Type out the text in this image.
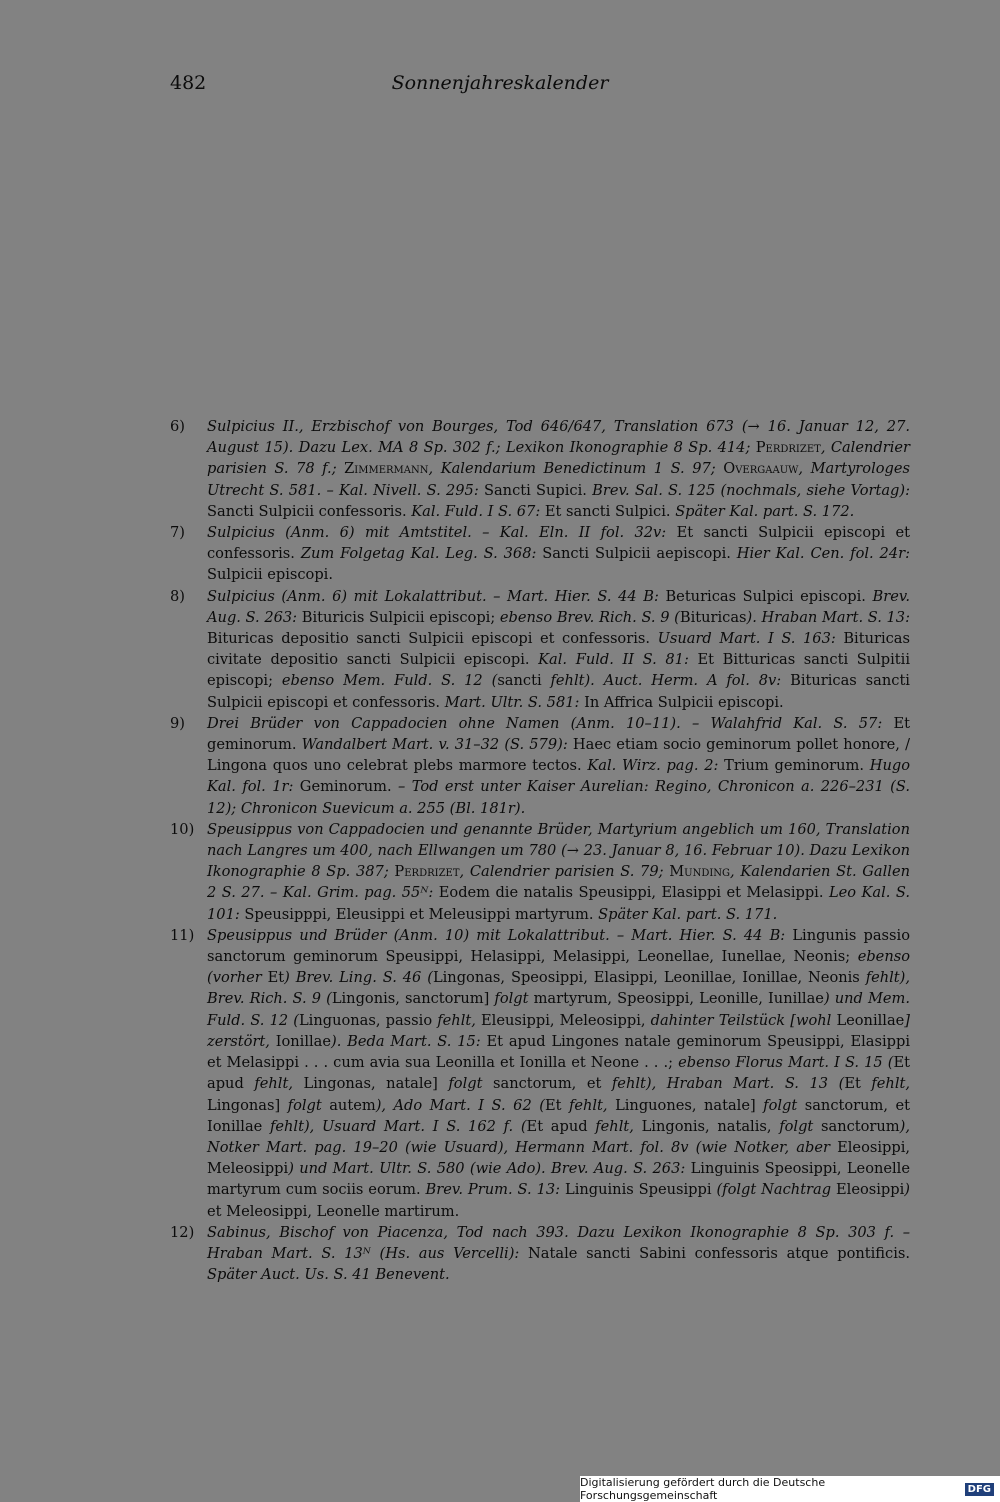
482	Sonnenjahreskalender
6)	Sulpicius II., Erzbischof von Bourges, Tod 646/647, Translation 673 (→ 16. Januar 12, 27. August 15). Dazu Lex. MA 8 Sp. 302 f.; Lexikon Ikonographie 8 Sp. 414; Perdrizet, Calendrier parisien S. 78 f.; Zimmermann, Kalendarium Benedictinum 1 S. 97; Overgaauw, Martyrologes Utrecht S. 581. – Kal. Nivell. S. 295: Sancti Supici. Brev. Sal. S. 125 (nochmals, siehe Vortag): Sancti Sulpicii confessoris. Kal. Fuld. I S. 67: Et sancti Sulpici. Später Kal. part. S. 172.
7)	Sulpicius (Anm. 6) mit Amtstitel. – Kal. Eln. II fol. 32v: Et sancti Sulpicii episcopi et confessoris. Zum Folgetag Kal. Leg. S. 368: Sancti Sulpicii aepiscopi. Hier Kal. Cen. fol. 24r: Sulpicii episcopi.
8)	Sulpicius (Anm. 6) mit Lokalattribut. – Mart. Hier. S. 44 B: Beturicas Sulpici episcopi. Brev. Aug. S. 263: Bituricis Sulpicii episcopi; ebenso Brev. Rich. S. 9 (Bituricas). Hraban Mart. S. 13: Bituricas depositio sancti Sulpicii episcopi et confessoris. Usuard Mart. I S. 163: Bituricas civitate depositio sancti Sulpicii episcopi. Kal. Fuld. II S. 81: Et Bitturicas sancti Sulpitii episcopi; ebenso Mem. Fuld. S. 12 (sancti fehlt). Auct. Herm. A fol. 8v: Bituricas sancti Sulpicii episcopi et confessoris. Mart. Ultr. S. 581: In Affrica Sulpicii episcopi.
9)	Drei Brüder von Cappadocien ohne Namen (Anm. 10–11). – Walahfrid Kal. S. 57: Et geminorum. Wandalbert Mart. v. 31–32 (S. 579): Haec etiam socio geminorum pollet honore, / Lingona quos uno celebrat plebs marmore tectos. Kal. Wirz. pag. 2: Trium geminorum. Hugo Kal. fol. 1r: Geminorum. – Tod erst unter Kaiser Aurelian: Regino, Chronicon a. 226–231 (S. 12); Chronicon Suevicum a. 255 (Bl. 181r).
10) Speusippus von Cappadocien und genannte Brüder, Martyrium angeblich um 160, Translation nach Langres um 400, nach Ellwangen um 780 (→ 23. Januar 8, 16. Februar 10). Dazu Lexikon Ikonographie 8 Sp. 387; Perdrizet, Calendrier parisien S. 79; Munding, Kalendarien St. Gallen 2 S. 27. – Kal. Grim. pag. 55ᴺ: Eodem die natalis Speusippi, Elasippi et Melasippi. Leo Kal. S. 101: Speusipppi, Eleusippi et Meleusippi martyrum. Später Kal. part. S. 171.
11) Speusippus und Brüder (Anm. 10) mit Lokalattribut. – Mart. Hier. S. 44 B: Lingunis passio sanctorum geminorum Speusippi, Helasippi, Melasippi, Leonellae, Iunellae, Neonis; ebenso (vorher Et) Brev. Ling. S. 46 (Lingonas, Speosippi, Elasippi, Leonillae, Ionillae, Neonis fehlt), Brev. Rich. S. 9 (Lingonis, sanctorum] folgt martyrum, Speosippi, Leonille, Iunillae) und Mem. Fuld. S. 12 (Linguonas, passio fehlt, Eleusippi, Meleosippi, dahinter Teilstück [wohl Leonillae] zerstört, Ionillae). Beda Mart. S. 15: Et apud Lingones natale geminorum Speusippi, Elasippi et Melasippi . . . cum avia sua Leonilla et Ionilla et Neone . . .; ebenso Florus Mart. I S. 15 (Et apud fehlt, Lingonas, natale] folgt sanctorum, et fehlt), Hraban Mart. S. 13 (Et fehlt, Lingonas] folgt autem), Ado Mart. I S. 62 (Et fehlt, Linguones, natale] folgt sanctorum, et Ionillae fehlt), Usuard Mart. I S. 162 f. (Et apud fehlt, Lingonis, natalis, folgt sanctorum), Notker Mart. pag. 19–20 (wie Usuard), Hermann Mart. fol. 8v (wie Notker, aber Eleosippi, Meleosippi) und Mart. Ultr. S. 580 (wie Ado). Brev. Aug. S. 263: Linguinis Speosippi, Leonelle martyrum cum sociis eorum. Brev. Prum. S. 13: Linguinis Speusippi (folgt Nachtrag Eleosippi) et Meleosippi, Leonelle martirum.
12) Sabinus, Bischof von Piacenza, Tod nach 393. Dazu Lexikon Ikonographie 8 Sp. 303 f. – Hraban Mart. S. 13ᴺ (Hs. aus Vercelli): Natale sancti Sabini confessoris atque pontificis. Später Auct. Us. S. 41 Benevent.
Digitalisierung gefördert durch die Deutsche Forschungsgemeinschaft	DFG
